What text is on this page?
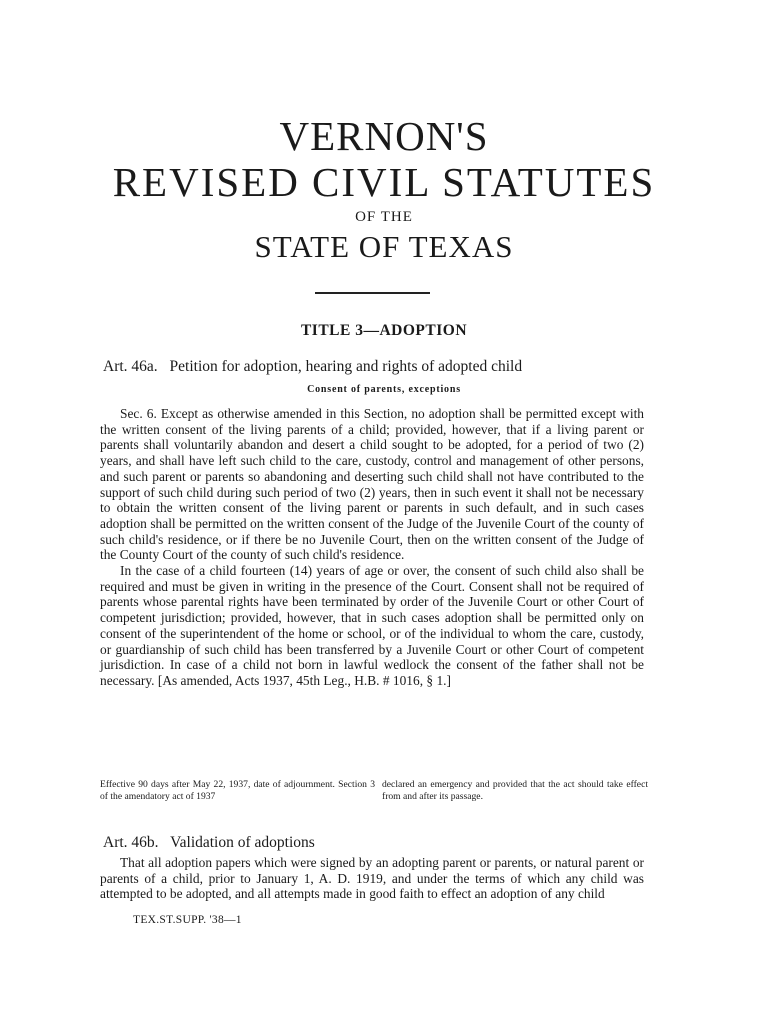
VERNON'S
REVISED CIVIL STATUTES
OF THE
STATE OF TEXAS
TITLE 3—ADOPTION
Art. 46a. Petition for adoption, hearing and rights of adopted child
Consent of parents, exceptions

Sec. 6. Except as otherwise amended in this Section, no adoption shall be permitted except with the written consent of the living parents of a child; provided, however, that if a living parent or parents shall voluntarily abandon and desert a child sought to be adopted, for a period of two (2) years, and shall have left such child to the care, custody, control and management of other persons, and such parent or parents so abandoning and deserting such child shall not have contributed to the support of such child during such period of two (2) years, then in such event it shall not be necessary to obtain the written consent of the living parent or parents in such default, and in such cases adoption shall be permitted on the written consent of the Judge of the Juvenile Court of the county of such child's residence, or if there be no Juvenile Court, then on the written consent of the Judge of the County Court of the county of such child's residence.

In the case of a child fourteen (14) years of age or over, the consent of such child also shall be required and must be given in writing in the presence of the Court. Consent shall not be required of parents whose parental rights have been terminated by order of the Juvenile Court or other Court of competent jurisdiction; provided, however, that in such cases adoption shall be permitted only on consent of the superintendent of the home or school, or of the individual to whom the care, custody, or guardianship of such child has been transferred by a Juvenile Court or other Court of competent jurisdiction. In case of a child not born in lawful wedlock the consent of the father shall not be necessary. [As amended, Acts 1937, 45th Leg., H.B. # 1016, § 1.]

Effective 90 days after May 22, 1937, date of adjournment. Section 3 of the amendatory act of 1937
declared an emergency and provided that the act should take effect from and after its passage.
Art. 46b. Validation of adoptions

That all adoption papers which were signed by an adopting parent or parents, or natural parent or parents of a child, prior to January 1, A. D. 1919, and under the terms of which any child was attempted to be adopted, and all attempts made in good faith to effect an adoption of any child

TEX.ST.SUPP. '38—1
